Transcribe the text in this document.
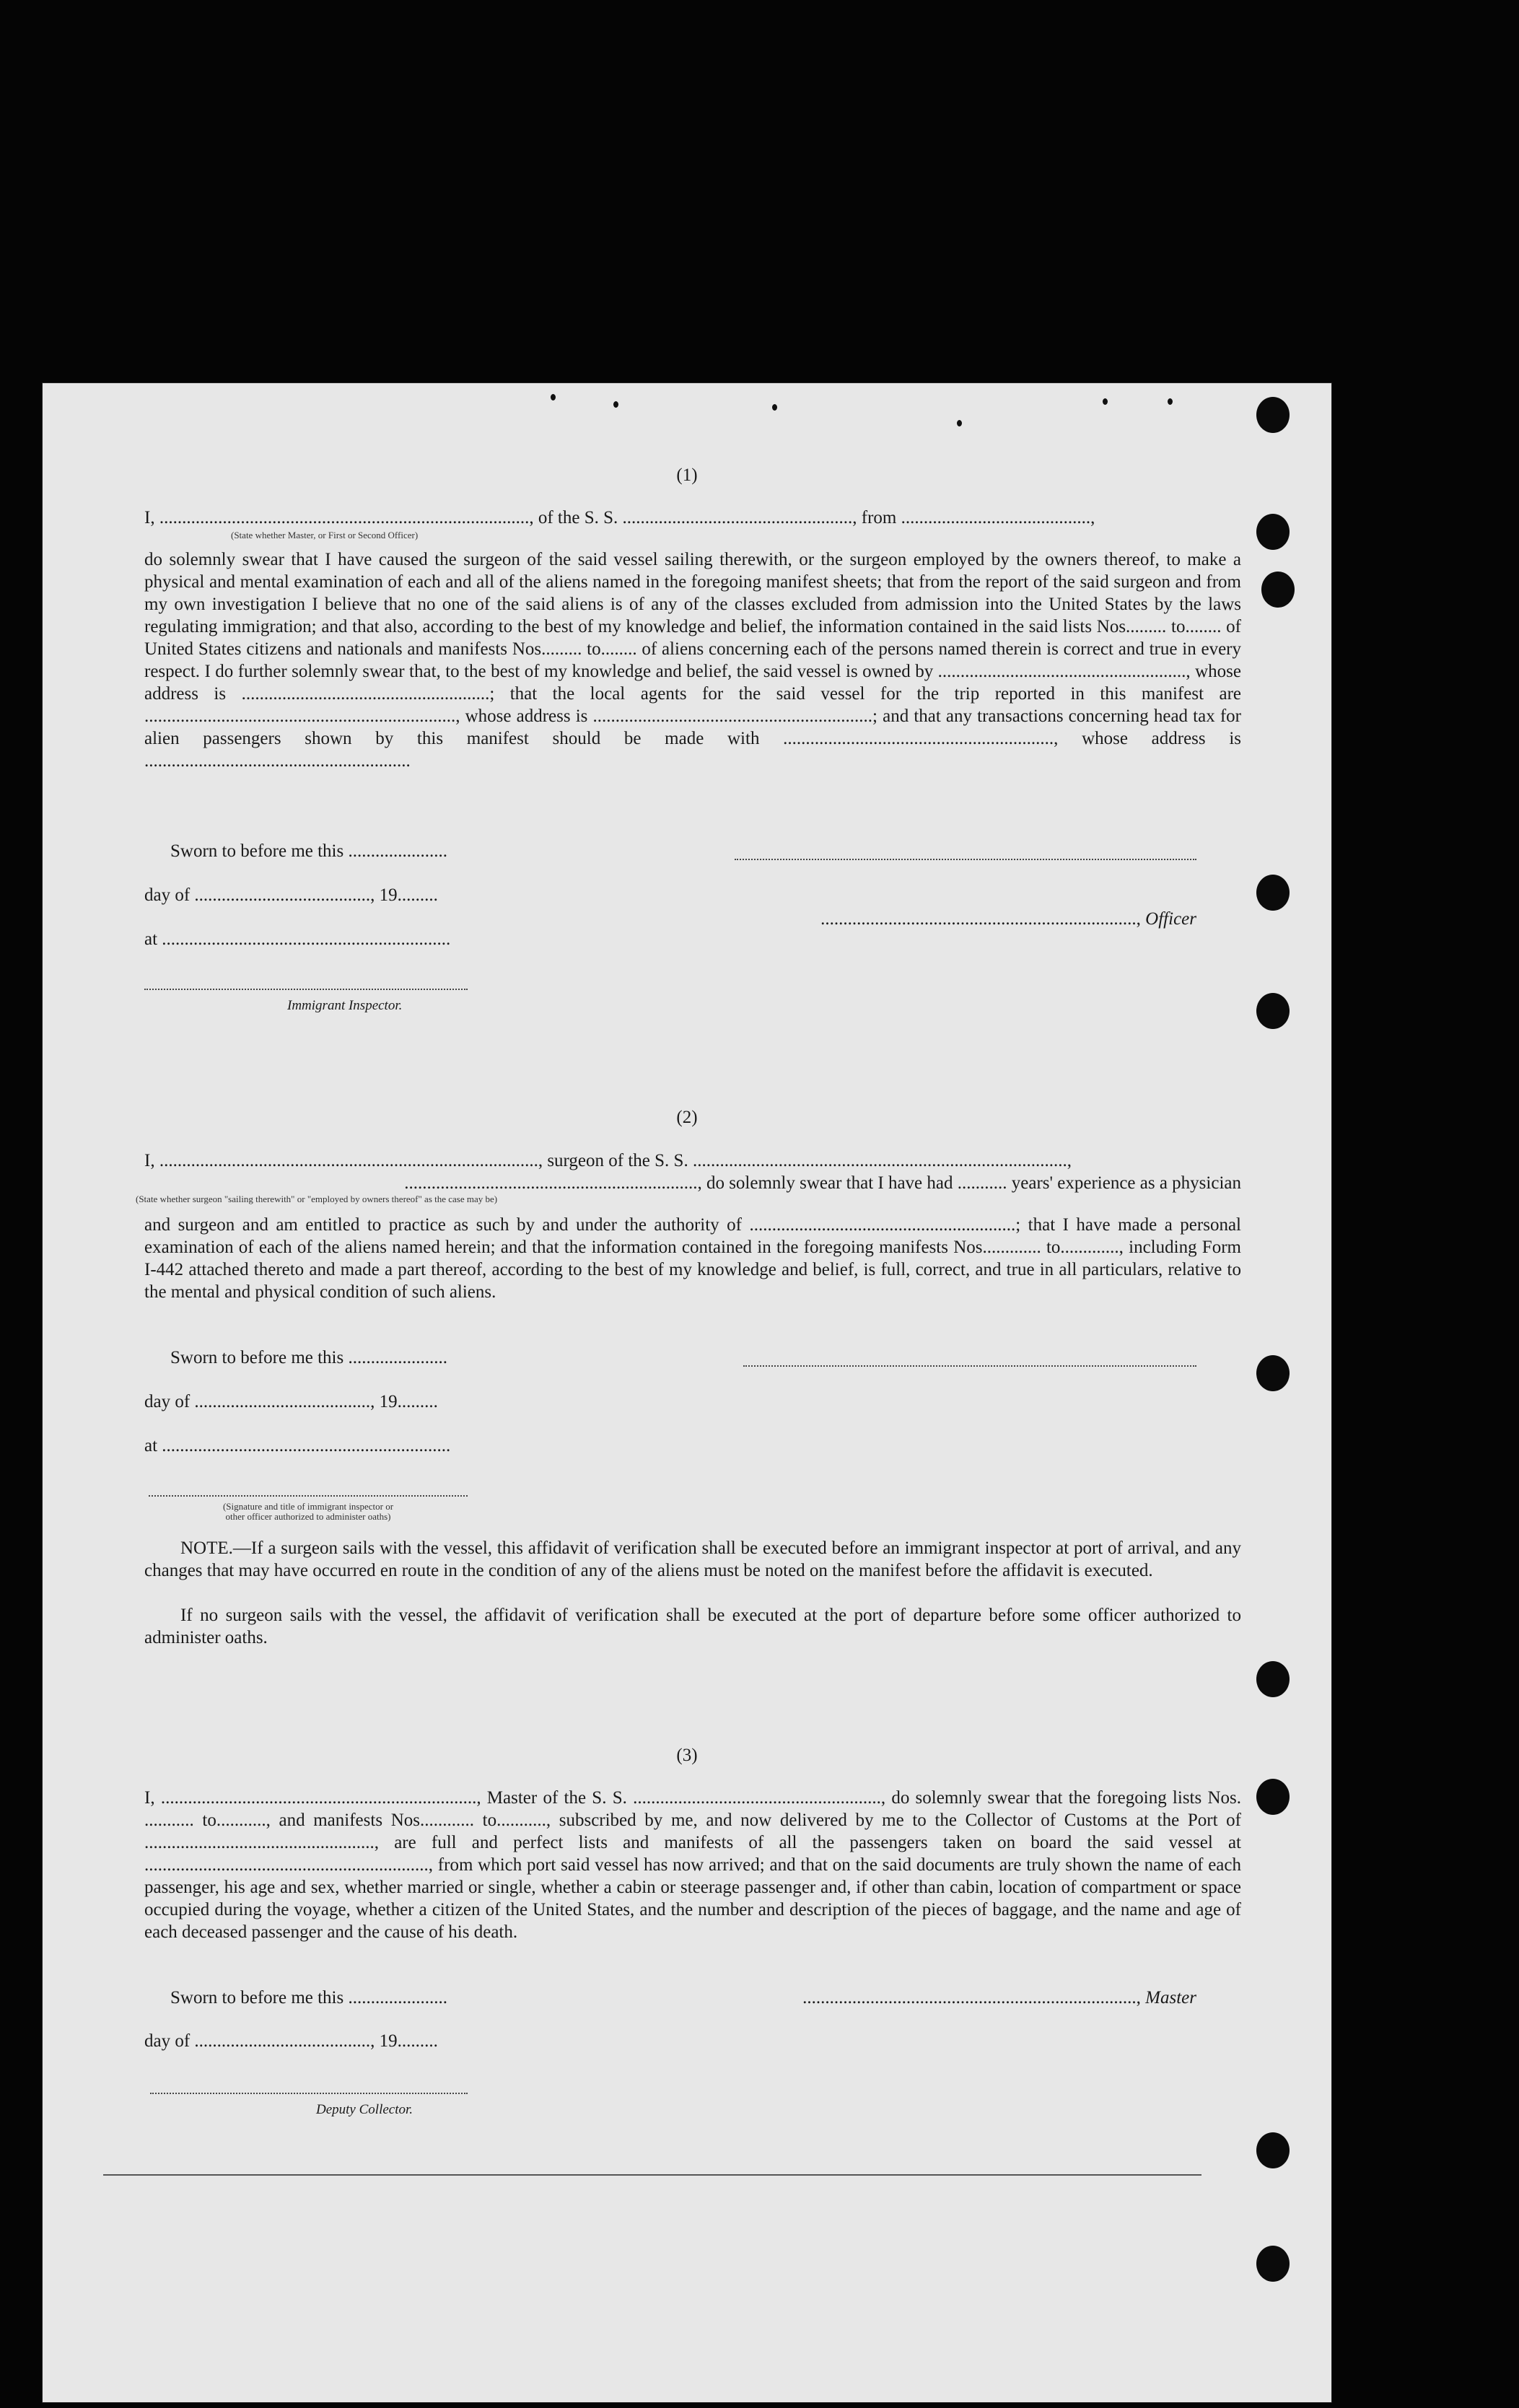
(1)
I, .................................................................................., of the S. S. ..................................................., from ..........................................,
(State whether Master, or First or Second Officer)
do solemnly swear that I have caused the surgeon of the said vessel sailing therewith, or the surgeon employed by the owners thereof, to make a physical and mental examination of each and all of the aliens named in the foregoing manifest sheets; that from the report of the said surgeon and from my own investigation I believe that no one of the said aliens is of any of the classes excluded from admission into the United States by the laws regulating immigration; and that also, according to the best of my knowledge and belief, the information contained in the said lists Nos......... to........ of United States citizens and nationals and manifests Nos......... to........ of aliens concerning each of the persons named therein is correct and true in every respect. I do further solemnly swear that, to the best of my knowledge and belief, the said vessel is owned by ......................................................., whose address is .......................................................; that the local agents for the said vessel for the trip reported in this manifest are ....................................................................., whose address is ..............................................................; and that any transactions concerning head tax for alien passengers shown by this manifest should be made with ............................................................, whose address is ...........................................................
Sworn to before me this ......................
day of ......................................., 19.........
at ................................................................
......................................................................, Officer
Immigrant Inspector.
(2)
I, ...................................................................................., surgeon of the S. S. ...................................................................................,
................................................................., do solemnly swear that I have had ........... years' experience as a physician
(State whether surgeon "sailing therewith" or "employed by owners thereof" as the case may be)
and surgeon and am entitled to practice as such by and under the authority of ...........................................................; that I have made a personal examination of each of the aliens named herein; and that the information contained in the foregoing manifests Nos............. to............., including Form I-442 attached thereto and made a part thereof, according to the best of my knowledge and belief, is full, correct, and true in all particulars, relative to the mental and physical condition of such aliens.
Sworn to before me this ......................
day of ......................................., 19.........
at ................................................................
(Signature and title of immigrant inspector or
other officer authorized to administer oaths)
NOTE.—If a surgeon sails with the vessel, this affidavit of verification shall be executed before an immigrant inspector at port of arrival, and any changes that may have occurred en route in the condition of any of the aliens must be noted on the manifest before the affidavit is executed.
If no surgeon sails with the vessel, the affidavit of verification shall be executed at the port of departure before some officer authorized to administer oaths.
(3)
I, ......................................................................, Master of the S. S. ......................................................., do solemnly swear that the foregoing lists Nos. ........... to..........., and manifests Nos............ to..........., subscribed by me, and now delivered by me to the Collector of Customs at the Port of ..................................................., are full and perfect lists and manifests of all the passengers taken on board the said vessel at ..............................................................., from which port said vessel has now arrived; and that on the said documents are truly shown the name of each passenger, his age and sex, whether married or single, whether a cabin or steerage passenger and, if other than cabin, location of compartment or space occupied during the voyage, whether a citizen of the United States, and the number and description of the pieces of baggage, and the name and age of each deceased passenger and the cause of his death.
Sworn to before me this ......................	.........................................................................., Master
day of ......................................., 19.........
Deputy Collector.
